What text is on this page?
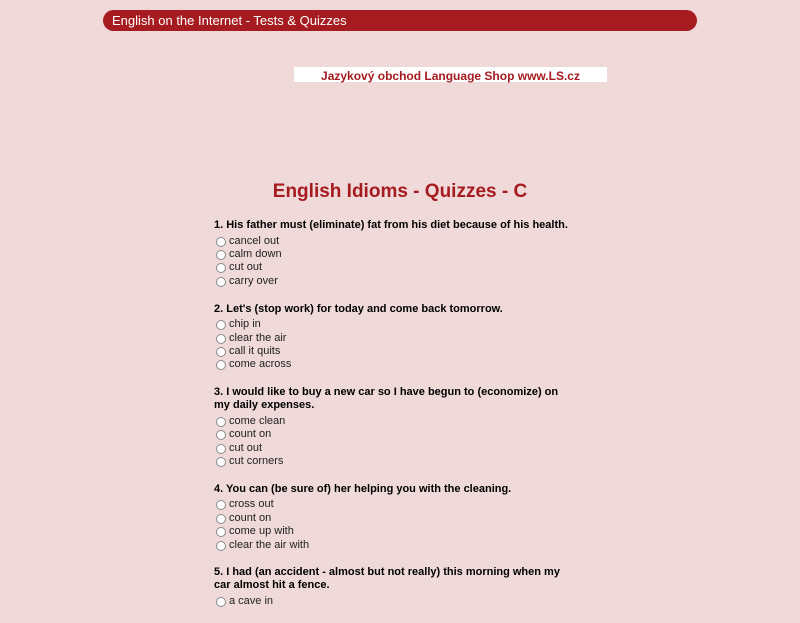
English on the Internet - Tests & Quizzes
Jazykový obchod Language Shop www.LS.cz
English Idioms - Quizzes - C
1. His father must (eliminate) fat from his diet because of his health.
cancel out
calm down
cut out
carry over
2. Let's (stop work) for today and come back tomorrow.
chip in
clear the air
call it quits
come across
3. I would like to buy a new car so I have begun to (economize) on my daily expenses.
come clean
count on
cut out
cut corners
4. You can (be sure of) her helping you with the cleaning.
cross out
count on
come up with
clear the air with
5. I had (an accident - almost but not really) this morning when my car almost hit a fence.
a cave in
